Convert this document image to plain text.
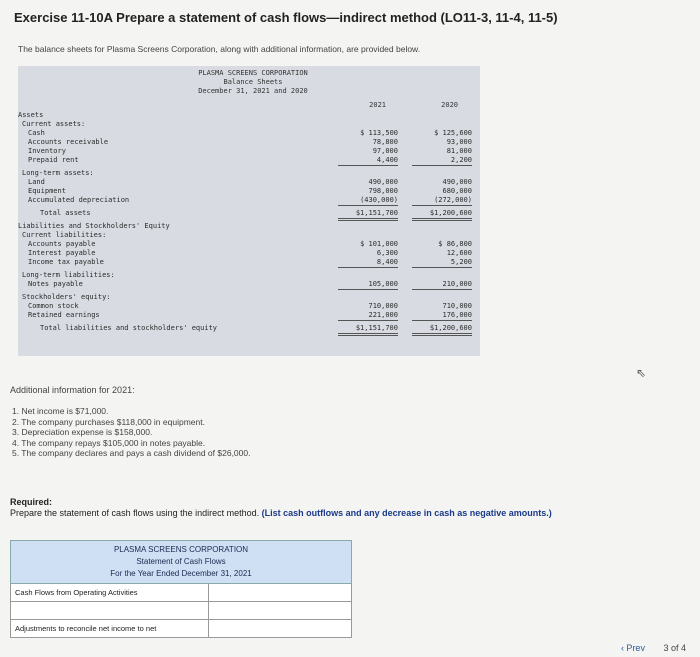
Exercise 11-10A Prepare a statement of cash flows—indirect method (LO11-3, 11-4, 11-5)
The balance sheets for Plasma Screens Corporation, along with additional information, are provided below.
PLASMA SCREENS CORPORATION
Balance Sheets
December 31, 2021 and 2020
2021	2020
Assets
Current assets:
Cash	$ 113,500	$ 125,600
Accounts receivable	78,800	93,000
Inventory	97,000	81,000
Prepaid rent	4,400	2,200
Long-term assets:
Land	490,000	490,000
Equipment	798,000	680,000
Accumulated depreciation	(430,000)	(272,000)
Total assets	$1,151,700	$1,200,600
Liabilities and Stockholders' Equity
Current liabilities:
Accounts payable	$ 101,000	$ 86,800
Interest payable	6,300	12,600
Income tax payable	8,400	5,200
Long-term liabilities:
Notes payable	105,000	210,000
Stockholders' equity:
Common stock	710,000	710,000
Retained earnings	221,000	176,000
Total liabilities and stockholders' equity	$1,151,700	$1,200,600
Additional information for 2021:
1. Net income is $71,000.
2. The company purchases $118,000 in equipment.
3. Depreciation expense is $158,000.
4. The company repays $105,000 in notes payable.
5. The company declares and pays a cash dividend of $26,000.
Required:
Prepare the statement of cash flows using the indirect method. (List cash outflows and any decrease in cash as negative amounts.)
PLASMA SCREENS CORPORATION
Statement of Cash Flows
For the Year Ended December 31, 2021
Cash Flows from Operating Activities
Adjustments to reconcile net income to net
⇖
‹ Prev 3 of 4
